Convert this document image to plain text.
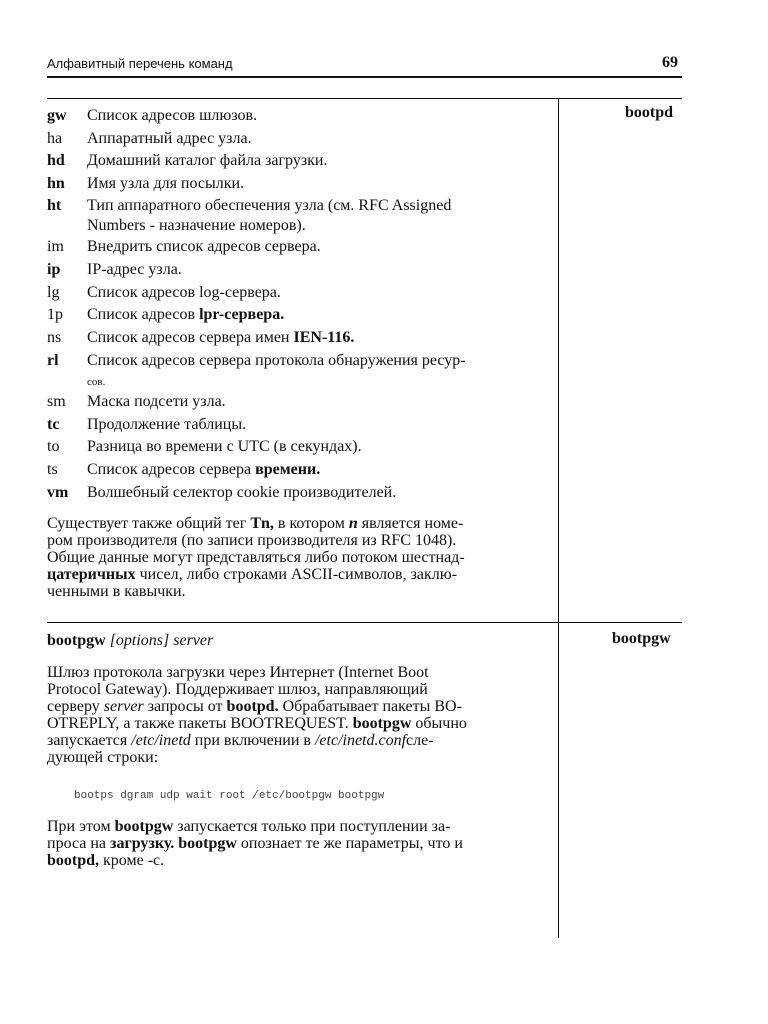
Алфавитный перечень команд	69
bootpd
gw Список адресов шлюзов.
ha Аппаратный адрес узла.
hd Домашний каталог файла загрузки.
hn Имя узла для посылки.
ht Тип аппаратного обеспечения узла (см. RFC Assigned
Numbers - назначение номеров).
im Внедрить список адресов сервера.
ip IP-адрес узла.
lg Список адресов log-сервера.
1p Список адресов lpr-сервера.
ns Список адресов сервера имен IEN-116.
rl Список адресов сервера протокола обнаружения ресур-
сов.
sm Маска подсети узла.
tc Продолжение таблицы.
to Разница во времени с UTC (в секундах).
ts Список адресов сервера времени.
vm Волшебный селектор cookie производителей.
Существует также общий тег Tn, в котором n является номе-
ром производителя (по записи производителя из RFC 1048).
Общие данные могут представляться либо потоком шестнад-
цатеричных чисел, либо строками ASCII-символов, заклю-
ченными в кавычки.
bootpgw
bootpgw [options] server
Шлюз протокола загрузки через Интернет (Internet Boot
Protocol Gateway). Поддерживает шлюз, направляющий
серверу server запросы от bootpd. Обрабатывает пакеты BO-
OTREPLY, а также пакеты BOOTREQUEST. bootpgw обычно
запускается /etc/inetd при включении в /etc/inetd.confсле-
дующей строки:
bootps dgram udp wait root /etc/bootpgw bootpgw
При этом bootpgw запускается только при поступлении за-
проса на загрузку. bootpgw опознает те же параметры, что и
bootpd, кроме -с.
